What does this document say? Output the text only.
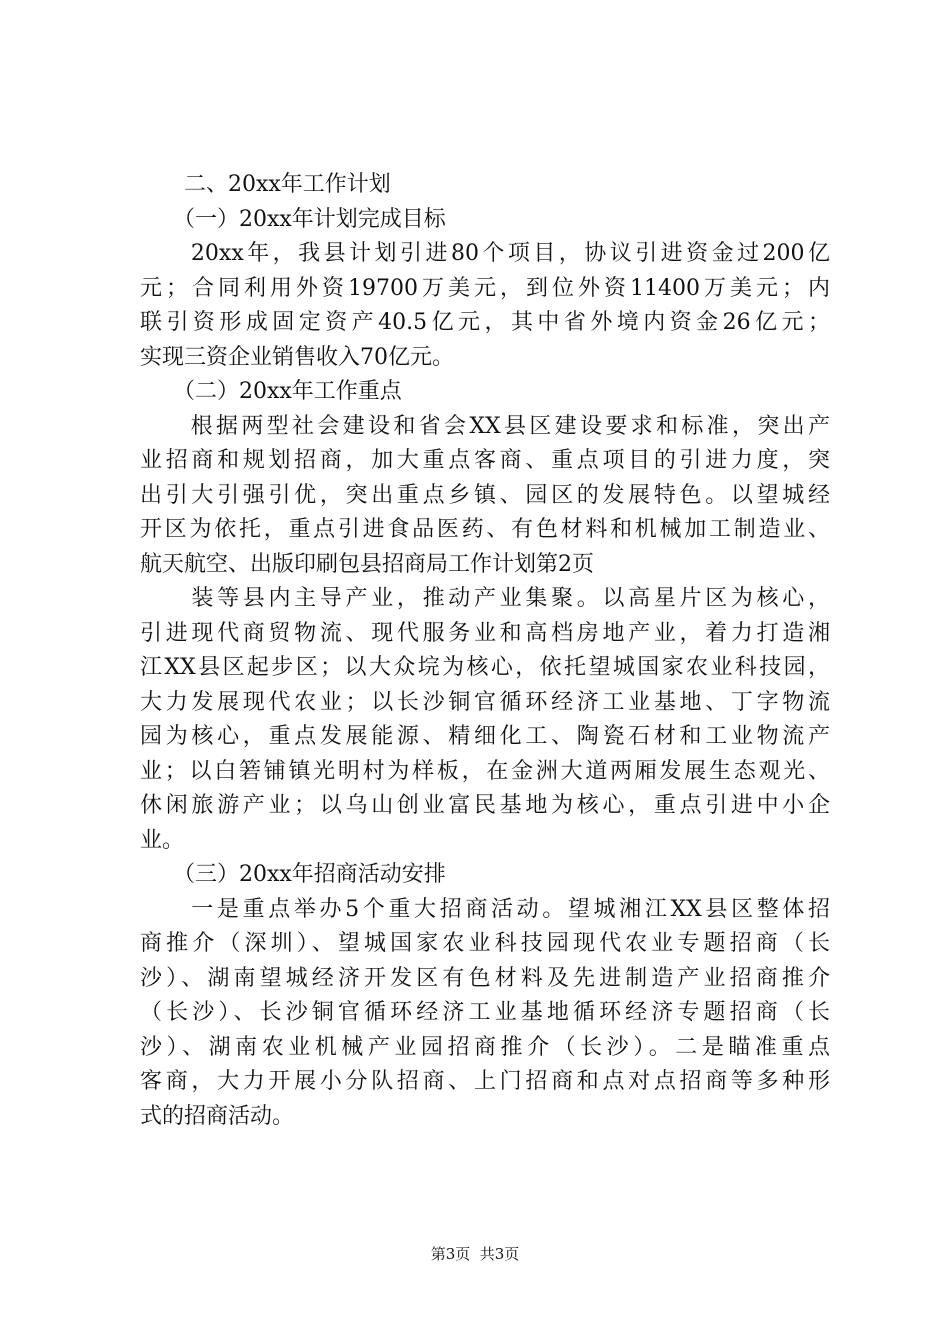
　　二、20xx年工作计划
　　（一）20xx年计划完成目标
　　20xx年，我县计划引进80个项目，协议引进资金过200亿
元；合同利用外资19700万美元，到位外资11400万美元；内
联引资形成固定资产40.5亿元，其中省外境内资金26亿元；
实现三资企业销售收入70亿元。
　　（二）20xx年工作重点
　　根据两型社会建设和省会XX县区建设要求和标准，突出产
业招商和规划招商，加大重点客商、重点项目的引进力度，突
出引大引强引优，突出重点乡镇、园区的发展特色。以望城经
开区为依托，重点引进食品医药、有色材料和机械加工制造业、
航天航空、出版印刷包县招商局工作计划第2页
　　装等县内主导产业，推动产业集聚。以高星片区为核心，
引进现代商贸物流、现代服务业和高档房地产业，着力打造湘
江XX县区起步区；以大众垸为核心，依托望城国家农业科技园，
大力发展现代农业；以长沙铜官循环经济工业基地、丁字物流
园为核心，重点发展能源、精细化工、陶瓷石材和工业物流产
业；以白箬铺镇光明村为样板，在金洲大道两厢发展生态观光、
休闲旅游产业；以乌山创业富民基地为核心，重点引进中小企
业。
　　（三）20xx年招商活动安排
　　一是重点举办5个重大招商活动。望城湘江XX县区整体招
商推介（深圳）、望城国家农业科技园现代农业专题招商（长
沙）、湖南望城经济开发区有色材料及先进制造产业招商推介
（长沙）、长沙铜官循环经济工业基地循环经济专题招商（长
沙）、湖南农业机械产业园招商推介（长沙）。二是瞄准重点
客商，大力开展小分队招商、上门招商和点对点招商等多种形
式的招商活动。
第3页  共3页
